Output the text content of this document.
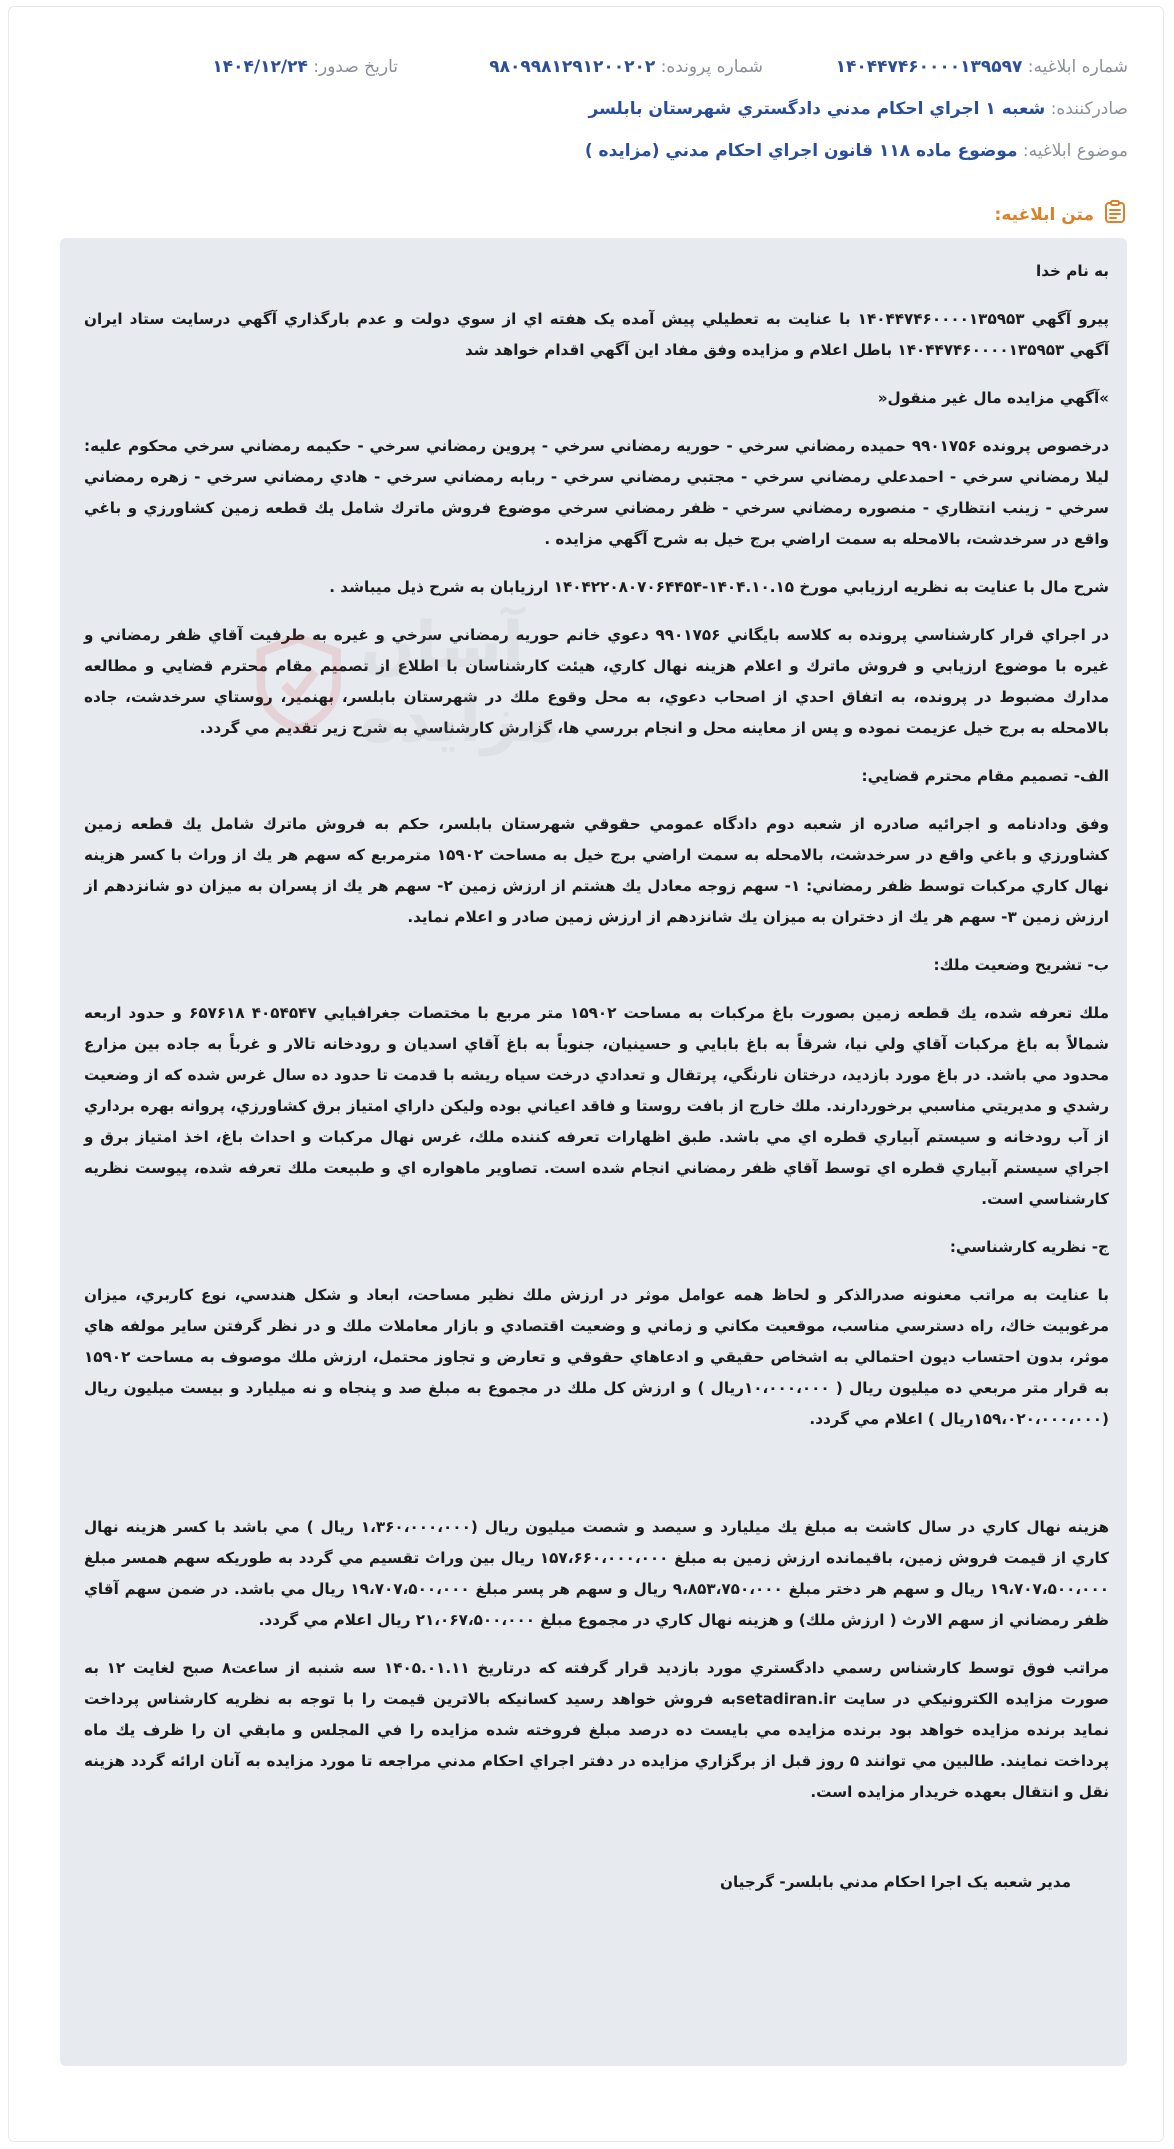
شماره ابلاغيه: ۱۴۰۴۴۷۴۶۰۰۰۰۱۳۹۵۹۷
شماره پرونده: ۹۸۰۹۹۸۱۲۹۱۲۰۰۲۰۲
تاريخ صدور: ۱۴۰۴/۱۲/۲۴
صادرکننده: شعبه ۱ اجراي احکام مدني دادگستري شهرستان بابلسر
موضوع ابلاغيه: موضوع ماده ۱۱۸ قانون اجراي احکام مدني (مزايده )
متن ابلاغيه:
آسان مزایده

به نام خدا

پيرو آگهي ۱۴۰۴۴۷۴۶۰۰۰۰۱۳۵۹۵۳ با عنايت به تعطيلي پيش آمده يک هفته اي از سوي دولت و عدم بارگذاري آگهي درسايت ستاد ايران آگهي ۱۴۰۴۴۷۴۶۰۰۰۰۱۳۵۹۵۳ باطل اعلام و مزايده وفق مفاد اين آگهي اقدام خواهد شد

»آگهي مزايده مال غير منقول«

درخصوص پرونده ۹۹۰۱۷۵۶ حميده رمضاني سرخي - حوريه رمضاني سرخي - پروين رمضاني سرخي - حکيمه رمضاني سرخي محکوم عليه: ليلا رمضاني سرخي - احمدعلي رمضاني سرخي - مجتبي رمضاني سرخي - ربابه رمضاني سرخي - هادي رمضاني سرخي - زهره رمضاني سرخي - زينب انتظاري - منصوره رمضاني سرخي - ظفر رمضاني سرخي موضوع فروش ماترك شامل يك قطعه زمين كشاورزي و باغي واقع در سرخدشت، بالامحله به سمت اراضي برج خيل به شرح آگهي مزايده .

شرح مال با عنايت به نظريه ارزيابي مورخ ۱۴۰۴.۱۰.۱۵-۱۴۰۴۲۲۰۸۰۷۰۶۴۴۵۴ ارزيابان به شرح ذيل ميباشد .

در اجراي قرار كارشناسي پرونده به كلاسه بايگاني ۹۹۰۱۷۵۶ دعوي خانم حوريه رمضاني سرخي و غيره به طرفيت آقاي ظفر رمضاني و غيره با موضوع ارزيابي و فروش ماترك و اعلام هزينه نهال كاري، هيئت كارشناسان با اطلاع از تصميم مقام محترم قضايي و مطالعه مدارك مضبوط در پرونده، به اتفاق احدي از اصحاب دعوي، به محل وقوع ملك در شهرستان بابلسر، بهنمير، روستاي سرخدشت، جاده بالامحله به برج خيل عزيمت نموده و پس از معاينه محل و انجام بررسي ها، گزارش كارشناسي به شرح زير تقديم مي گردد.

الف- تصميم مقام محترم قضايي:

وفق ودادنامه و اجرائيه صادره از شعبه دوم دادگاه عمومي حقوقي شهرستان بابلسر، حكم به فروش ماترك شامل يك قطعه زمين كشاورزي و باغي واقع در سرخدشت، بالامحله به سمت اراضي برج خيل به مساحت ۱۵۹۰۲ مترمربع كه سهم هر يك از وراث با كسر هزينه نهال كاري مركبات توسط ظفر رمضاني: ۱- سهم زوجه معادل يك هشتم از ارزش زمين ۲- سهم هر يك از پسران به ميزان دو شانزدهم از ارزش زمين ۳- سهم هر يك از دختران به ميزان يك شانزدهم از ارزش زمين صادر و اعلام نمايد.

ب- تشريح وضعيت ملك:

ملك تعرفه شده، يك قطعه زمين بصورت باغ مركبات به مساحت ۱۵۹۰۲ متر مربع با مختصات جغرافيايي ۴۰۵۴۵۴۷ ۶۵۷۶۱۸ و حدود اربعه شمالاً به باغ مركبات آقاي ولي نيا، شرقاً به باغ بابايي و حسينيان، جنوباً به باغ آقاي اسديان و رودخانه تالار و غرباً به جاده بين مزارع محدود مي باشد. در باغ مورد بازديد، درختان نارنگي، پرتقال و تعدادي درخت سياه ريشه با قدمت تا حدود ده سال غرس شده كه از وضعيت رشدي و مديريتي مناسبي برخوردارند. ملك خارج از بافت روستا و فاقد اعياني بوده وليكن داراي امتياز برق كشاورزي، پروانه بهره برداري از آب رودخانه و سيستم آبياري قطره اي مي باشد. طبق اظهارات تعرفه كننده ملك، غرس نهال مركبات و احداث باغ، اخذ امتياز برق و اجراي سيستم آبياري قطره اي توسط آقاي ظفر رمضاني انجام شده است. تصاوير ماهواره اي و طبيعت ملك تعرفه شده، پيوست نظريه كارشناسي است.

ج- نظريه كارشناسي:

با عنايت به مراتب معنونه صدرالذكر و لحاظ همه عوامل موثر در ارزش ملك نظير مساحت، ابعاد و شكل هندسي، نوع كاربري، ميزان مرغوبيت خاك، راه دسترسي مناسب، موقعيت مكاني و زماني و وضعيت اقتصادي و بازار معاملات ملك و در نظر گرفتن ساير مولفه هاي موثر، بدون احتساب ديون احتمالي به اشخاص حقيقي و ادعاهاي حقوقي و تعارض و تجاوز محتمل، ارزش ملك موصوف به مساحت ۱۵۹۰۲ به قرار متر مربعي ده ميليون ريال ( ۱۰،۰۰۰،۰۰۰ريال ) و ارزش كل ملك در مجموع به مبلغ صد و پنجاه و نه ميليارد و بيست ميليون ريال (۱۵۹،۰۲۰،۰۰۰،۰۰۰ريال ) اعلام مي گردد.

هزينه نهال كاري در سال كاشت به مبلغ يك ميليارد و سيصد و شصت ميليون ريال (۱،۳۶۰،۰۰۰،۰۰۰ ريال ) مي باشد با كسر هزينه نهال كاري از قيمت فروش زمين، باقيمانده ارزش زمين به مبلغ ۱۵۷،۶۶۰،۰۰۰،۰۰۰ ريال بين وراث تقسيم مي گردد به طوريكه سهم همسر مبلغ ۱۹،۷۰۷،۵۰۰،۰۰۰ ريال و سهم هر دختر مبلغ ۹،۸۵۳،۷۵۰،۰۰۰ ريال و سهم هر پسر مبلغ ۱۹،۷۰۷،۵۰۰،۰۰۰ ريال مي باشد. در ضمن سهم آقاي ظفر رمضاني از سهم الارث ( ارزش ملك) و هزينه نهال كاري در مجموع مبلغ ۲۱،۰۶۷،۵۰۰،۰۰۰ ريال اعلام مي گردد.

مراتب فوق توسط كارشناس رسمي دادگستري مورد بازديد قرار گرفته كه درتاريخ ۱۴۰۵.۰۱.۱۱ سه شنبه از ساعت۸ صبح لغايت ۱۲ به صورت مزايده الكترونيكي در سايت setadiran.irبه فروش خواهد رسيد كسانيكه بالاترين قيمت را با توجه به نظريه كارشناس پرداخت نمايد برنده مزايده خواهد بود برنده مزايده مي بايست ده درصد مبلغ فروخته شده مزايده را في المجلس و مابقي ان را ظرف يك ماه پرداخت نمايند. طالبين مي توانند ۵ روز قبل از برگزاري مزايده در دفتر اجراي احكام مدني مراجعه تا مورد مزايده به آنان ارائه گردد هزينه نقل و انتقال بعهده خريدار مزايده است.

مدير شعبه يک اجرا احکام مدني بابلسر- گرجيان
